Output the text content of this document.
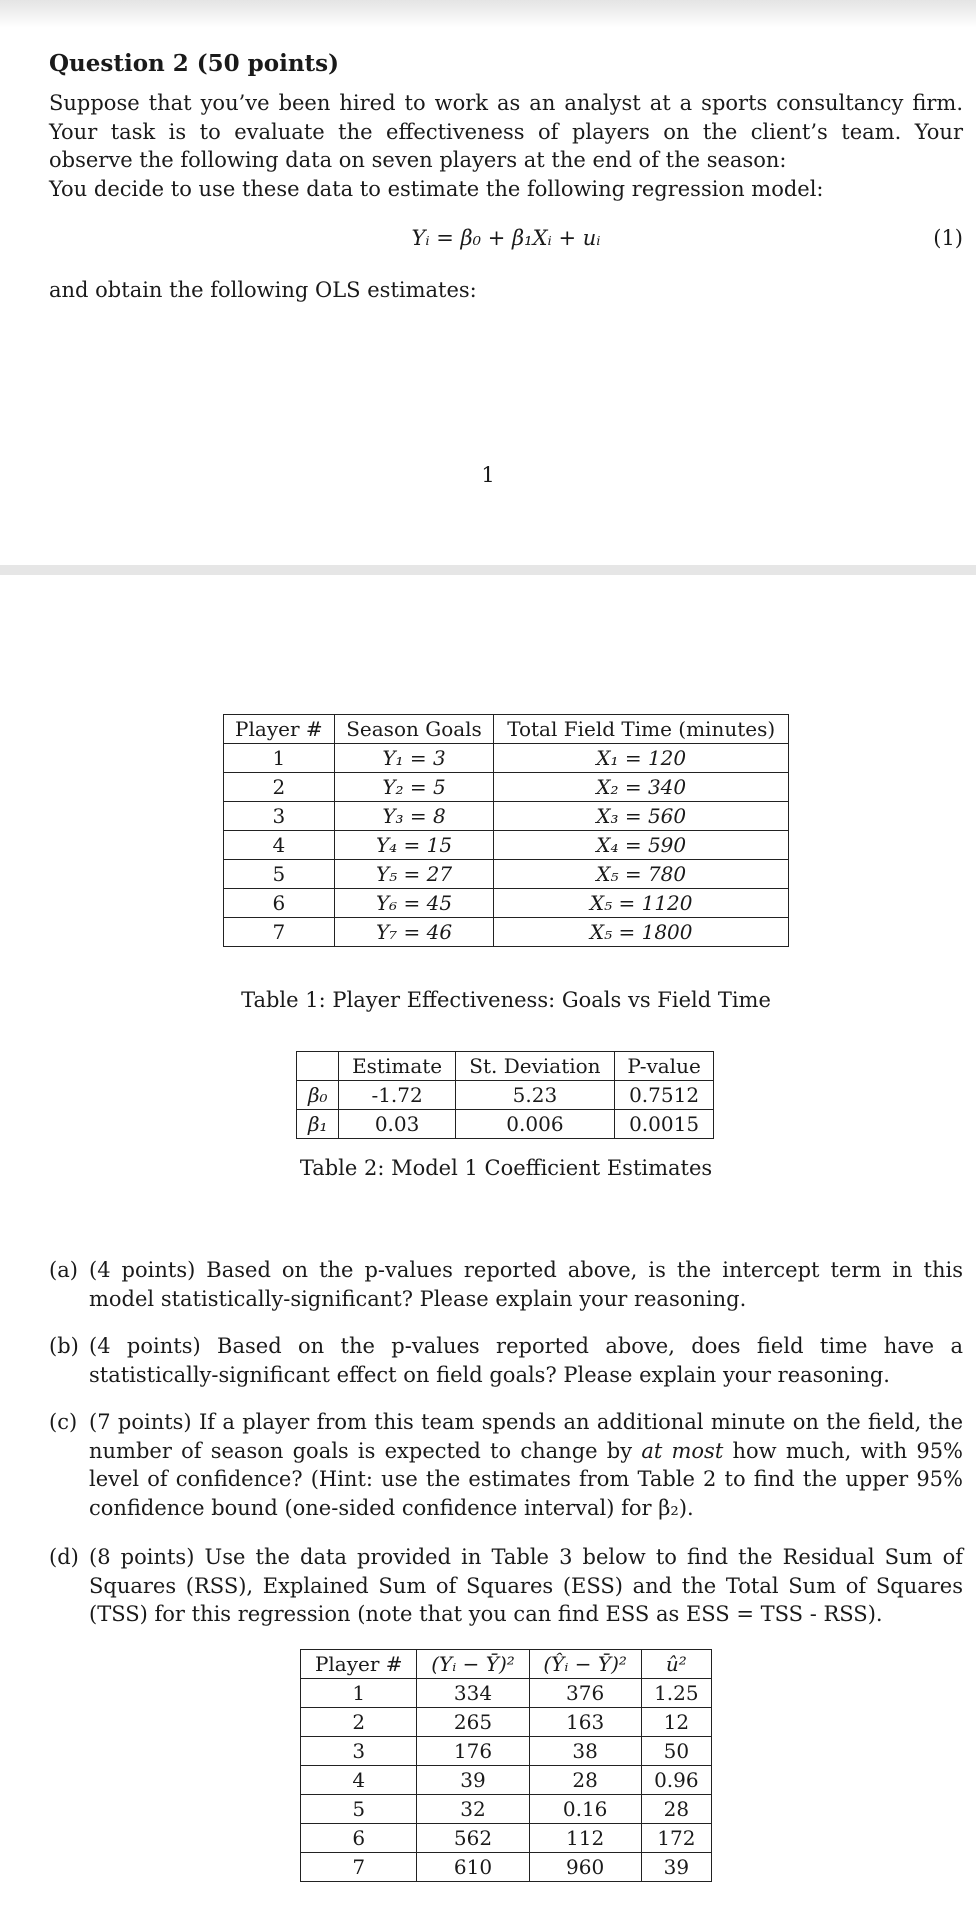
Question 2 (50 points)
Suppose that you’ve been hired to work as an analyst at a sports consultancy firm. Your task is to evaluate the effectiveness of players on the client’s team. Your observe the following data on seven players at the end of the season:
You decide to use these data to estimate the following regression model:
Yᵢ = β₀ + β₁Xᵢ + uᵢ	(1)
and obtain the following OLS estimates:
1
Player #	Season Goals	Total Field Time (minutes)
1	Y₁ = 3	X₁ = 120
2	Y₂ = 5	X₂ = 340
3	Y₃ = 8	X₃ = 560
4	Y₄ = 15	X₄ = 590
5	Y₅ = 27	X₅ = 780
6	Y₆ = 45	X₅ = 1120
7	Y₇ = 46	X₅ = 1800
Table 1: Player Effectiveness: Goals vs Field Time
	Estimate	St. Deviation	P-value
β₀	-1.72	5.23	0.7512
β₁	0.03	0.006	0.0015
Table 2: Model 1 Coefficient Estimates
(a) (4 points) Based on the p-values reported above, is the intercept term in this model statistically-significant? Please explain your reasoning.
(b) (4 points) Based on the p-values reported above, does field time have a statistically-significant effect on field goals? Please explain your reasoning.
(c) (7 points) If a player from this team spends an additional minute on the field, the number of season goals is expected to change by at most how much, with 95% level of confidence? (Hint: use the estimates from Table 2 to find the upper 95% confidence bound (one-sided confidence interval) for β₂).
(d) (8 points) Use the data provided in Table 3 below to find the Residual Sum of Squares (RSS), Explained Sum of Squares (ESS) and the Total Sum of Squares (TSS) for this regression (note that you can find ESS as ESS = TSS - RSS).
Player #	(Yᵢ − Ȳ)²	(Ŷᵢ − Ȳ)²	û²
1	334	376	1.25
2	265	163	12
3	176	38	50
4	39	28	0.96
5	32	0.16	28
6	562	112	172
7	610	960	39
